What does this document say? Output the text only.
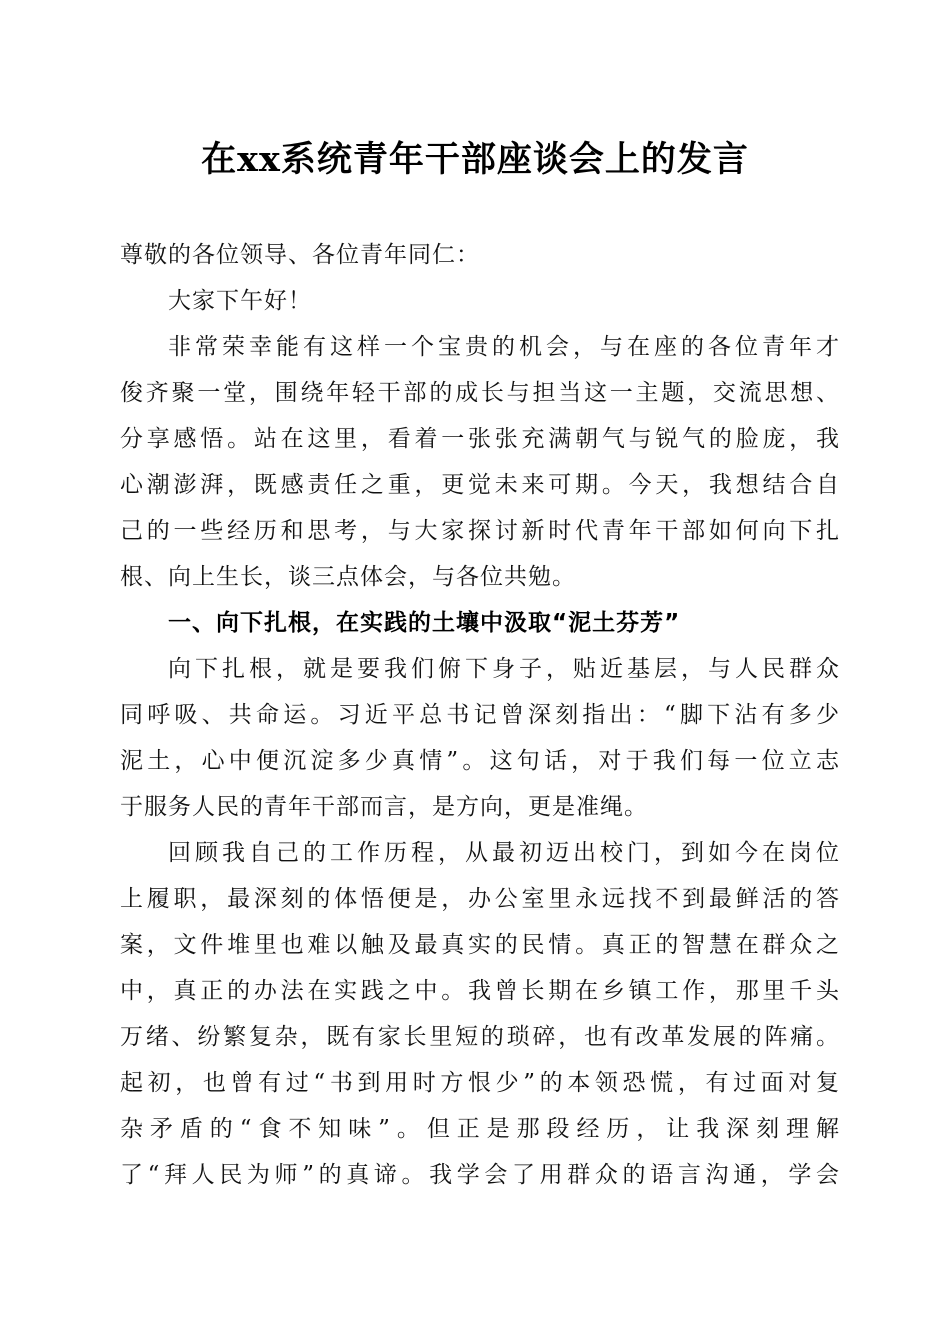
在xx系统青年干部座谈会上的发言
尊敬的各位领导、各位青年同仁：
大家下午好！
非常荣幸能有这样一个宝贵的机会，与在座的各位青年才
俊齐聚一堂，围绕年轻干部的成长与担当这一主题，交流思想、
分享感悟。站在这里，看着一张张充满朝气与锐气的脸庞，我
心潮澎湃，既感责任之重，更觉未来可期。今天，我想结合自
己的一些经历和思考，与大家探讨新时代青年干部如何向下扎
根、向上生长，谈三点体会，与各位共勉。
一、向下扎根，在实践的土壤中汲取“泥土芬芳”
向下扎根，就是要我们俯下身子，贴近基层，与人民群众
同呼吸、共命运。习近平总书记曾深刻指出：“脚下沾有多少
泥土，心中便沉淀多少真情”。这句话，对于我们每一位立志
于服务人民的青年干部而言，是方向，更是准绳。
回顾我自己的工作历程，从最初迈出校门，到如今在岗位
上履职，最深刻的体悟便是，办公室里永远找不到最鲜活的答
案，文件堆里也难以触及最真实的民情。真正的智慧在群众之
中，真正的办法在实践之中。我曾长期在乡镇工作，那里千头
万绪、纷繁复杂，既有家长里短的琐碎，也有改革发展的阵痛。
起初，也曾有过“书到用时方恨少”的本领恐慌，有过面对复
杂矛盾的“食不知味”。但正是那段经历，让我深刻理解
了“拜人民为师”的真谛。我学会了用群众的语言沟通，学会
